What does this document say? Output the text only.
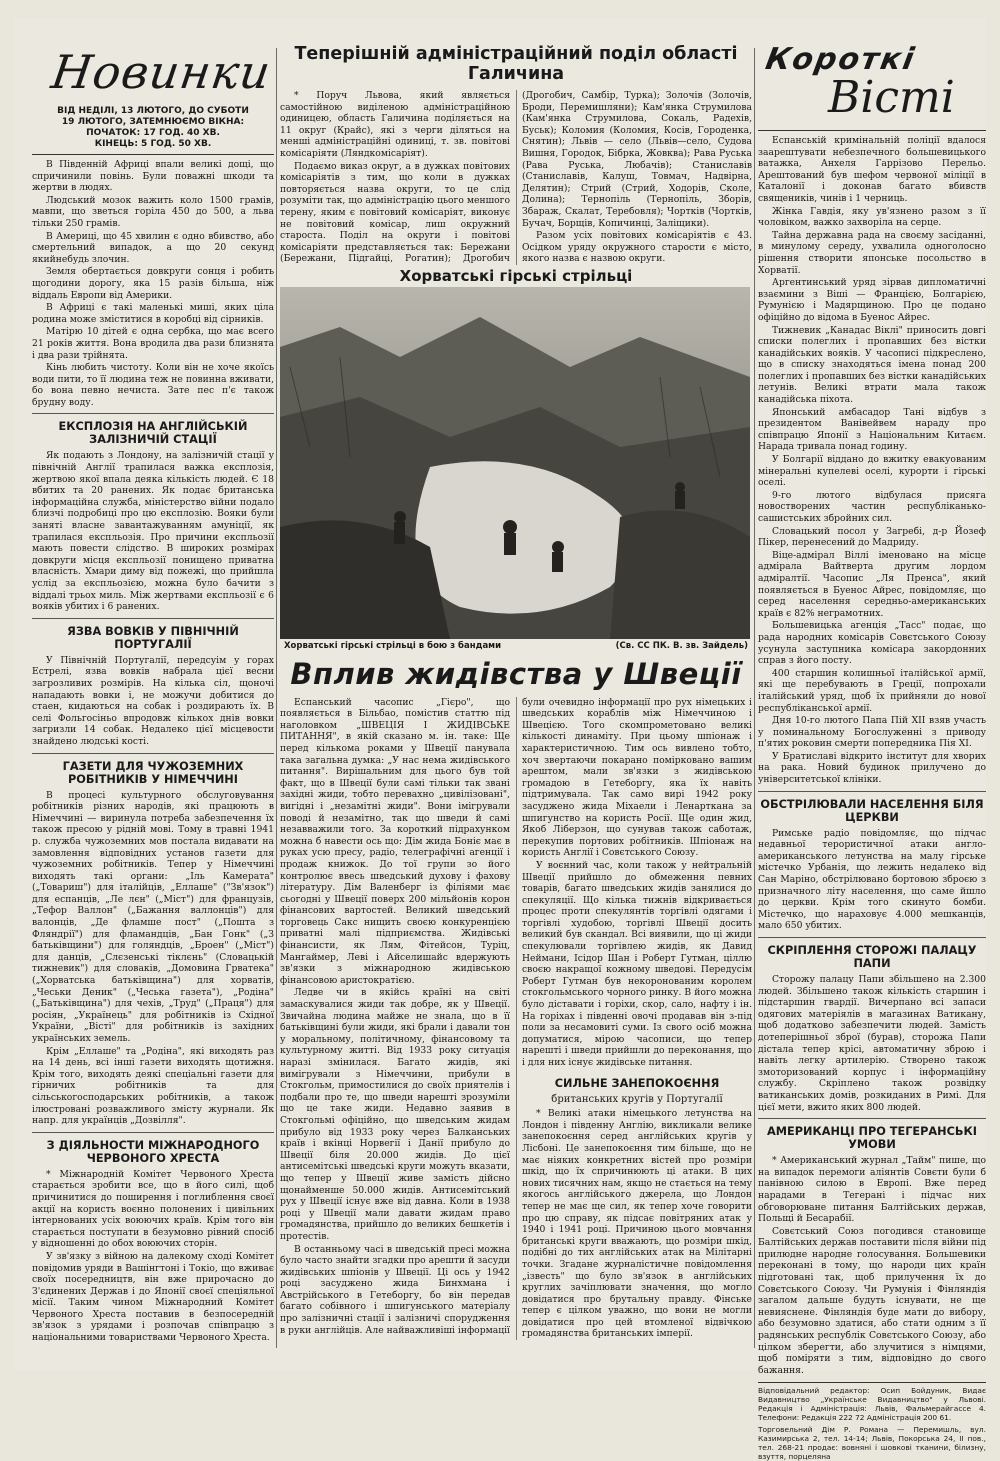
Новинки
ВІД НЕДІЛІ, 13 ЛЮТОГО, ДО СУБОТИ
19 ЛЮТОГО, ЗАТЕМНЮЄМО ВІКНА:
ПОЧАТОК: 17 ГОД. 40 ХВ.
КІНЕЦЬ: 5 ГОД. 50 ХВ.

В Південній Африці впали великі дощі, що спричинили повінь. Були поважні шкоди та жертви в людях.

Людський мозок важить коло 1500 грамів, мавпи, що зветься горіла 450 до 500, а льва тільки 250 грамів.

В Америці, що 45 хвилин є одно вбивство, або смертельний випадок, а що 20 секунд якийнебудь злочин.

Земля обертається довкруги сонця і робить щогодини дорогу, яка 15 разів більша, ніж віддаль Европи від Америки.

В Африці є такі маленькі миші, яких ціла родина може зміститися в коробці від сірників.

Матірю 10 дітей є одна сербка, що має всего 21 років життя. Вона вродила два рази близнята і два рази трійнята.

Кінь любить чистоту. Коли він не хоче якоїсь води пити, то її людина теж не повинна вживати, бо вона певно нечиста. Зате пес п'є також брудну воду.

ЕКСПЛОЗІЯ НА АНГЛІЙСЬКІЙ ЗАЛІЗНИЧІЙ СТАЦІЇ

Як подають з Лондону, на залізничій стації у північній Англії трапилася важка експлозія, жертвою якої впала деяка кількість людей. Є 18 вбитих та 20 ранених. Як подає британська інформаційна служба, міністерство війни подало близчі подробиці про цю експлозію. Вояки були заняті власне завантажуванням амуніції, як трапилася експльозія. Про причини експльозії мають повести слідство. В широких розмірах довкруги місця експльозії понищено приватна власність. Хмари диму від пожежі, що прийшла услід за експльозією, можна було бачити з віддалі трьох миль. Між жертвами експльозії є 6 вояків убитих і 6 ранених.

ЯЗВА ВОВКІВ У ПІВНІЧНІЙ ПОРТУГАЛІЇ

У Північній Португалії, передсуім у горах Естрелі, язва вовків набрала цієї весни загрозливих розмірів. На кілька сіл, щоночі нападають вовки і, не можучи добитися до стаен, кидаються на собак і роздирають їх. В селі Фольгосіньо впродовж кількох днів вовки загризли 14 собак. Недалеко цієї місцевости знайдено людські кості.

ГАЗЕТИ ДЛЯ ЧУЖОЗЕМНИХ РОБІТНИКІВ У НІМЕЧЧИНІ

В процесі культурного обслуговування робітників різних народів, які працюють в Німеччині — виринула потреба забезпечення їх також пресою у рідній мові. Тому в травні 1941 р. служба чужоземних мов постала видавати на замовлення відповідних установ газети для чужоземних робітників. Тепер у Німеччині виходять такі органи: „Іль Камерата" („Товариш") для італійців, „Еллаше" ("Зв'язок") для еспанців, „Ле лєн" („Міст") для французів, „Тефор Валлон" („Бажання валлонців") для валонців, „Де фламше пост" („Пошта з Фляндрії") для фламандців, „Бан Гонк" („З батьківщини") для голяндців, „Броен" („Міст") для данців, „Слєзенські тіклєнь" (Словацькій тижневик") для словаків, „Домовина Грватека" („Хорватська батьківщина") для хорватів, „Чеськи Деник" („Чеська газета"), „Родіна" („Батьківщина") для чехів, „Труд" („Праця") для росіян, „Українець" для робітників із Східної України, „Вісті" для робітників із західних українських земель.

Крім „Еллаше" та „Родіна", які виходять раз на 14 день, всі інші газети виходять щотижня. Крім того, виходять деякі спеціальні газети для гірничих робітників та для сільськогосподарських робітників, а також ілюстровані розважливого змісту журнали. Як напр. для українців „Дозвілля".

З ДІЯЛЬНОСТИ МІЖНАРОДНОГО ЧЕРВОНОГО ХРЕСТА

* Міжнародній Комітет Червоного Хреста старається зробити все, що в його силі, щоб причинитися до поширення і поглиблення своєї акції на користь воєнно полонених і цивільних інтернованих усіх воюючих країв. Крім того він старається поступати в безумовно рівний спосіб у відношенні до обох воюючих сторін.

У зв'язку з війною на далекому сході Комітет повідомив уряди в Вашінгтоні і Токіо, що вживає своїх посередництв, він вже прирочасно до З'єдинених Держав і до Японії своєї спеціяльної місії. Таким чином Міжнародний Комітет Червоного Хреста поставив в безпосередній зв'язок з урядами і розпочав співпрацю з національними товариствами Червоного Хреста.

Теперішній адміністраційний поділ області Галичина

* Поруч Львова, який являється самостійною виділеною адміністраційною одиницею, область Галичина поділяється на 11 округ (Крайс), які з черги діляться на менші адміністраційні одиниці, т. зв. повітові комісаріяти (Ляндкомісаріят).

Подаємо виказ округ, а в дужках повітових комісаріятів з тим, що коли в дужках повторяється назва округи, то це слід розуміти так, що адміністрацію цього меншого терену, яким є повітовий комісаріят, виконує не повітовий комісар, лиш окружний староста. Поділ на округи і повітові комісаріяти представляється так: Бережани (Бережани, Підгайці, Рогатин); Дрогобич (Дрогобич, Самбір, Турка); Золочів (Золочів, Броди, Перемишляни); Кам'янка Струмилова (Кам'янка Струмилова, Сокаль, Радехів, Буськ); Коломия (Коломия, Косів, Городенка, Снятин); Львів — село (Львів—село, Судова Вишня, Городок, Бібрка, Жовква); Рава Руська (Рава Руська, Любачів); Станиславів (Станиславів, Калуш, Товмач, Надвірна, Делятин); Стрий (Стрий, Ходорів, Сколе, Долина); Тернопіль (Тернопіль, Зборів, Збараж, Скалат, Теребовля); Чортків (Чортків, Бучач, Борщів, Копичинці, Заліщики).

Разом усіх повітових комісаріятів є 43. Осідком уряду окружного старости є місто, якого назва є назвою округи.

Хорватські гірські стрільці
Хорватські гірські стрільці в бою з бандами	(Св. СС ПК. В. зв. Зайдель)
Вплив жидівства у Швеції

Еспанський часопис „Гієро", що появляється в Більбао, помістив статтю під наголовком „ШВЕЦІЯ І ЖИДІВСЬКЕ ПИТАННЯ", в якій сказано м. ін. таке: Ще перед кількома роками у Швеції панувала така загальна думка: „У нас нема жидівського питання". Вирішальним для цього був той факт, що в Швеції були самі тільки так звані західні жиди, тобто перевахно „цивілізовані", вигідні і „незамітні жиди". Вони імігрували поводі й незамітно, так що шведи й самі незавважили того. За короткий підрахунком можна б навести ось що: Дім жида Боніє має в руках усю пресу, радіо, телеграфічні агенції і продаж книжок. До тої групи зо його контролює ввесь шведський духову і фахову літературу. Дім Валенберг із філіями має сьогодні у Швеції поверх 200 мільйонів корон фінансових вартостей. Великий шведський торговець Сакс нищить своєю конкуренцією приватні малі підприємства. Жидівські фінансисти, як Лям, Фітейсон, Туріц, Мангаймер, Леві і Айселишайс вдержують зв'язки з міжнародною жидівською фінансовою аристократією.

Ледве чи в якійсь країні на світі замаскувалися жиди так добре, як у Швеції. Звичайна людина майже не знала, що в її батьківщині були жиди, які брали і давали тон у моральному, політичному, фінансовому та культурному житті. Від 1933 року ситуація наразі змінилася. Багато жидів, які вимігрували з Німеччини, прибули в Стокгольм, примостилися до своїх приятелів і подбали про те, що шведи нарешті зрозуміли що це таке жиди. Недавно заявив в Стокгольмі офіційно, що шведським жидам прибуло від 1933 року через Балканських країв і вкінці Норвегії і Данії прибуло до Швеції біля 20.000 жидів. До цієї антисемітські шведські круги можуть вказати, що тепер у Швеції живе замість дійсно щонайменше 50.000 жидів. Антисемітський рух у Швеції існує вже від давна. Коли в 1938 році у Швеції мали давати жидам право громадянства, прийшло до великих бешкетів і протестів.

В останньому часі в шведській пресі можна було часто знайти згадки про арешти й засуди жидівських шпіонів у Швеції. Ці ось у 1942 році засуджено жида Бинхмана і Австрійського в Гетеборгу, бо він передав багато собівного і шпигунського матеріалу про залізничні стації і залізничі спорудження в руки англійців. Але найважливіші інформації були очевидно інформації про рух німецьких і шведських кораблів між Німеччиною і Швецією. Того скомпрометовано великі кількості динаміту. При цьому шпіонаж і характеристичною. Тим ось вивлено тобто, хоч звертаючи покарано помірковано вашим арештом, мали зв'язки з жидівською громадою в Гетеборгу, яка їх навіть підтримувала. Так само вирі 1942 року засуджено жида Міхаели і Ленарткана за шпигунство на користь Росії. Ще один жид, Якоб Ліберзон, що сунував також саботаж, перекупив портових робітників. Шпіонаж на користь Англії і Совєтського Союзу.

У воєнний час, коли також у нейтральній Швеції прийшло до обмеження певних товарів, багато шведських жидів занялися до спекуляції. Що кілька тижнів відкривається процес проти спекулянтів торгівлі одягами і торгівлі худобою, торгівлі Швеції досить великий був скандал. Всі виявили, що ці жиди спекулювали торгівлею жидів, як Давид Неймани, Ісідор Шан і Роберт Гутман, ціллю своєю накращої кожному шведові. Передусім Роберт Гутман був некоронованим королем стокгольмського чорного ринку. В його можна було діставати і горіхи, скор, сало, нафту і ін. На горіхах і південні овочі продавав він з-під поли за несамовиті суми. Із свого осіб можна допуматися, мірою часописи, що тепер нарешті і шведи прийшли до переконання, що і для них існує жидівське питання.

СИЛЬНЕ ЗАНЕПОКОЄННЯ
британських кругів у Португалії

* Великі атаки німецького летунства на Лондон і південну Англію, викликали велике занепокоєння серед англійських кругів у Лісбоні. Це занепокоєння тим більше, що не має ніяких конкретних вістей про розміри шкід, що їх спричинюють ці атаки. В цих нових тисячних нам, якщо не стається на тему якогось англійського джерела, що Лондон тепер не має ще сил, як тепер хоче говорити про цю справу, як підсає повітряних атак у 1940 і 1941 році. Причиною цього мовчання британські круги вважають, що розміри шкід, подібні до тих англійських атак на Мілітарні точки. Згадане журналістичне повідомлення „ізвесть" що було зв'язок в англійських круглих зачіплювати значення, що могло довідатися про брутальну правду. Фінське тепер є цілком уважно, що вони не могли довідатися про цей втомленої відвічкою громадянства британських імперії.

Короткі
Вісті

Еспанській кримінальній поліції вдалося заарештувати небезпечного большевицького ватажка, Анхеля Гаррізово Перельо. Арештований був шефом червоної міліції в Каталонії і доконав багато вбивств священиків, чинів і 1 черниць.

Жінка Гавдія, яку ув'язнено разом з її чоловіком, важко захворіла на серце.

Тайна державна рада на своєму засіданні, в минулому середу, ухвалила одноголосно рішення створити японське посольство в Хорватії.

Аргентинський уряд зірвав дипломатичні взаємини з Віші — Францією, Болгарією, Румунією і Мадярщиною. Про це подано офіційно до відома в Буенос Айрес.

Тижневик „Канадас Віклі" приносить довгі списки полеглих і пропавших без вістки канадійських вояків. У часописі підкреслено, що в списку знаходяться імена понад 200 полеглих і пропавших без вістки канадійських летунів. Великі втрати мала також канадійська піхота.

Японський амбасадор Тані відбув з президентом Ванівейвем нараду про співпрацю Японії з Національним Китаєм. Нарада тривала понад годину.

У Болгарії віддано до вжитку евакуованим мінеральні купелеві оселі, курорти і гірські оселі.

9-го лютого відбулася присяга новостворених частин республіканько-сашистських збройних сил.

Словацький посол у Загребі, д-р Йозеф Пікер, перенесений до Мадриду.

Віце-адмірал Віллі іменовано на місце адмірала Вайтверта другим лордом адміралтії. Часопис „Ля Пренса", який появляється в Буенос Айрес, повідомляє, що серед населення середньо-американських країв є 82% неграмотних.

Большевицька агенція „Тасс" подає, що рада народних комісарів Совєтського Союзу усунула заступника комісара закордонних справ з його посту.

400 старшин колишньої італійської армії, які ще перебувають в Греції, попрохали італійський уряд, щоб їх прийняли до нової республіканської армії.

Дня 10-го лютого Папа Пій XII взяв участь у поминальному Богослуженні з приводу п'ятих роковин смерти попередника Пія XI.

У Братиславі відкрито інститут для хворих на рака. Новий будинок прилучено до університетської клініки.

ОБСТРІЛЮВАЛИ НАСЕЛЕННЯ БІЛЯ ЦЕРКВИ

Римське радіо повідомляє, що підчас недавньої терористичної атаки англо-американського летунства на малу гірське містечко Урбанія, що лежить недалеко від Сан Маріно, обстрілювано бортовою зброєю з призначного літу населення, що саме йшло до церкви. Крім того скинуто бомби. Містечко, що нараховує 4.000 мешканців, мало 650 убитих.

СКРІПЛЕННЯ СТОРОЖІ ПАЛАЦУ ПАПИ

Сторожу палацу Папи збільшено на 2.300 людей. Збільшено також кількість старшин і підстаршин гвардії. Вичерпано всі запаси одягових матеріялів в магазинах Ватикану, щоб додатково забезпечити людей. Замість дотеперішньої зброї (бурав), сторожа Папи дістала тепер крісі, автоматичну зброю і навіть легку артилерію. Створено також змоторизований корпус і інформаційну службу. Скріплено також розвідку ватиканських домів, розкиданих в Римі. Для цієї мети, вжито яких 800 людей.

АМЕРИКАНЦІ ПРО ТЕГЕРАНСЬКІ УМОВИ

* Американський журнал „Тайм" пише, що на випадок перемоги аліянтів Совєти були б панівною силою в Европі. Вже перед нарадами в Тегерані і підчас них обговорюване питання Балтійських держав, Польщі й Бесарабії.

Совєтський Союз погодився становище Балтійських держав поставити після війни під прилюдне народне голосування. Большевики переконані в тому, що народи цих країн підготовані так, щоб прилучення їх до Совєтського Союзу. Чи Румунія і Фінляндія загалом дальше будуть існувати, не ще невияснене. Фінляндія буде мати до вибору, або безумовно здатися, або стати одним з її радянських республік Совєтського Союзу, або цілком зберегти, або злучитися з німцями, щоб поміряти з тим, відповідно до свого бажання.

Відповідальний редактор: Осип Бойдуник, Видає Видавництво „Українське Видавництво" у Львові. Редакція і Адміністрація: Львів, Фальмерайгассе 4. Телефони: Редакція 222 72 Адміністрація 200 61.
Торговельний Дім Р. Романа — Перемишль, вул. Казимирська 2, тел. 14-14; Львів, Покорська 24, II пов., тел. 268-21 продає: вовняні і шовкові тканини, білизну, взуття, порцеляна
